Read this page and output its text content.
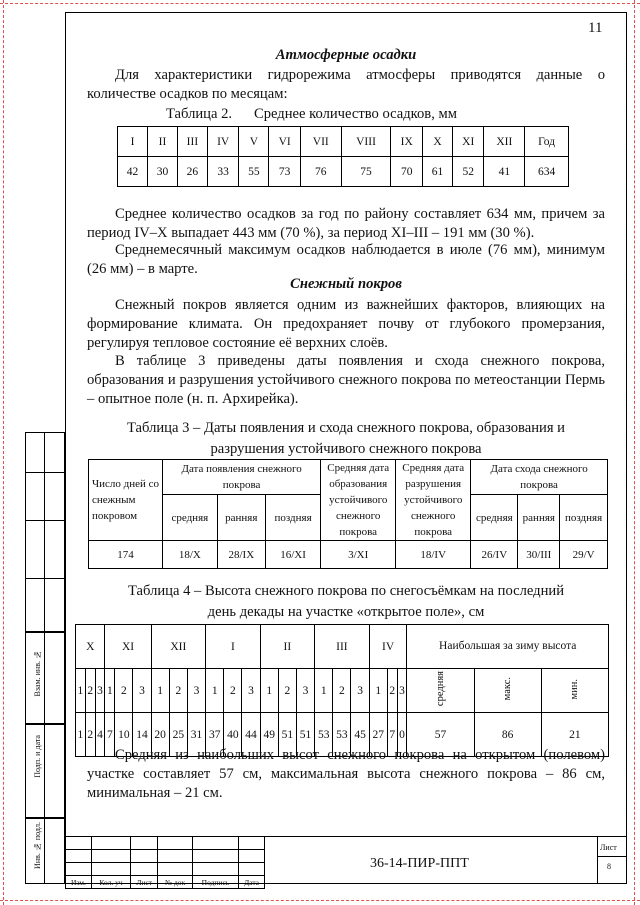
11
Атмосферные осадки
Для характеристики гидрорежима атмосферы приводятся данные о количестве осадков по месяцам:
Таблица 2. Среднее количество осадков, мм
I	II	III	IV	V	VI	VII	VIII	IX	X	XI	XII	Год
42	30	26	33	55	73	76	75	70	61	52	41	634
Среднее количество осадков за год по району составляет 634 мм, причем за период IV–X выпадает 443 мм (70 %), за период XI–III – 191 мм (30 %).
Среднемесячный максимум осадков наблюдается в июле (76 мм), минимум (26 мм) – в марте.
Снежный покров
Снежный покров является одним из важнейших факторов, влияющих на формирование климата. Он предохраняет почву от глубокого промерзания, регулируя тепловое состояние её верхних слоёв.
В таблице 3 приведены даты появления и схода снежного покрова, образования и разрушения устойчивого снежного покрова по метеостанции Пермь – опытное поле (н. п. Архирейка).
Таблица 3 – Даты появления и схода снежного покрова, образования и
разрушения устойчивого снежного покрова
Число дней со снежным покровом	Дата появления снежного покрова			Средняя дата образования устойчивого снежного покрова	Средняя дата разрушения устойчивого снежного покрова	Дата схода снежного покрова		
	средняя	ранняя	поздняя			средняя	ранняя	поздняя
174	18/X	28/IX	16/XI	3/XI	18/IV	26/IV	30/III	29/V
Таблица 4 – Высота снежного покрова по снегосъёмкам на последний
день декады на участке «открытое поле», см
X			XI			XII			I			II			III			IV			Наибольшая за зиму высота		
1	2	3	1	2	3	1	2	3	1	2	3	1	2	3	1	2	3	1	2	3	средняя	макс.	мин.
1	2	4	7	10	14	20	25	31	37	40	44	49	51	51	53	53	45	27	7	0	57	86	21
Средняя из наибольших высот снежного покрова на открытом (полевом) участке составляет 57 см, максимальная высота снежного покрова – 86 см, минимальная – 21 см.
Взам. инв. №
Подп. и дата
Инв. № подл.

Изм.	Кол. уч	Лист	№ док	Подпись	Дата
Лист
8
36-14-ПИР-ППТ
